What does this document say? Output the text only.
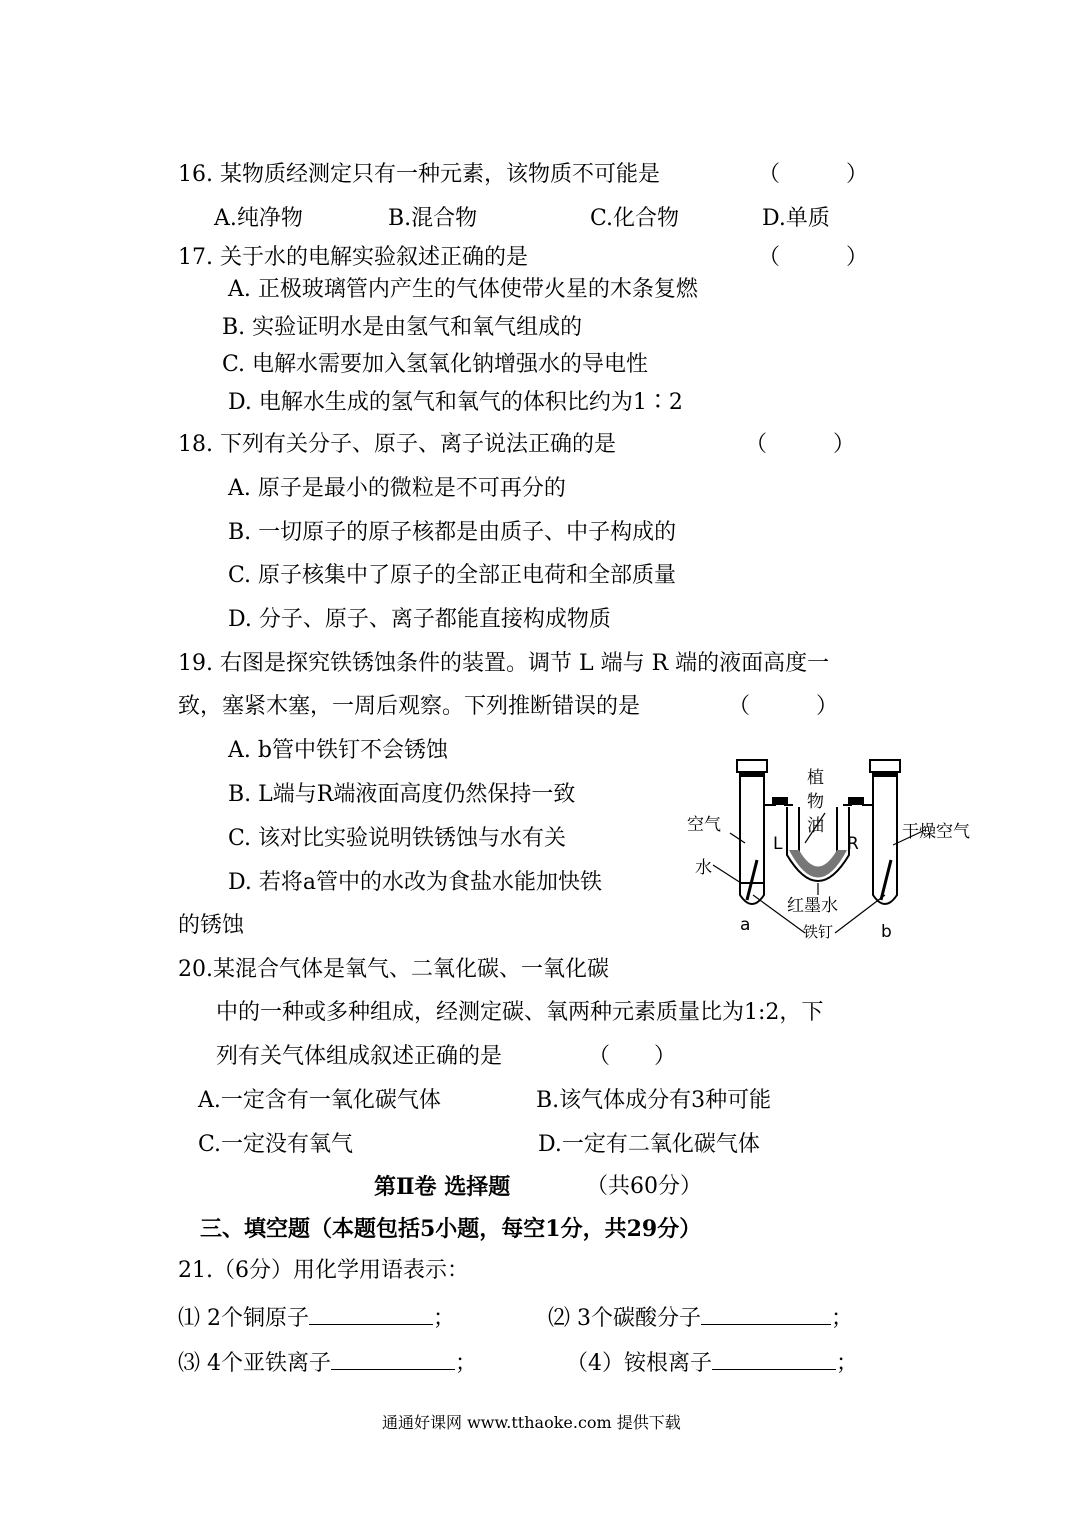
16. 某物质经测定只有一种元素，该物质不可能是	（　　　）
A.纯净物	B.混合物	C.化合物	D.单质
17. 关于水的电解实验叙述正确的是	（　　　）
A. 正极玻璃管内产生的气体使带火星的木条复燃
B. 实验证明水是由氢气和氧气组成的
C. 电解水需要加入氢氧化钠增强水的导电性
D. 电解水生成的氢气和氧气的体积比约为1∶2
18. 下列有关分子、原子、离子说法正确的是	（　　　）
A. 原子是最小的微粒是不可再分的
B. 一切原子的原子核都是由质子、中子构成的
C. 原子核集中了原子的全部正电荷和全部质量
D. 分子、原子、离子都能直接构成物质
19. 右图是探究铁锈蚀条件的装置。调节 L 端与 R 端的液面高度一
致，塞紧木塞，一周后观察。下列推断错误的是	（　　　）
A. b管中铁钉不会锈蚀
B. L端与R端液面高度仍然保持一致
C. 该对比实验说明铁锈蚀与水有关
D. 若将a管中的水改为食盐水能加快铁
的锈蚀
植
物
油
空气	干燥空气
水
L	R
红墨水
铁钉
a	b
20.某混合气体是氧气、二氧化碳、一氧化碳
中的一种或多种组成，经测定碳、氧两种元素质量比为1:2，下
列有关气体组成叙述正确的是	（　　）
A.一定含有一氧化碳气体	B.该气体成分有3种可能
C.一定没有氧气	D.一定有二氧化碳气体
第Ⅱ卷 选择题	（共60分）
三、填空题（本题包括5小题，每空1分，共29分）
21.（6分）用化学用语表示：
⑴ 2个铜原子	；	⑵ 3个碳酸分子	；
⑶ 4个亚铁离子	；	（4）铵根离子	；
通通好课网 www.tthaoke.com 提供下载
